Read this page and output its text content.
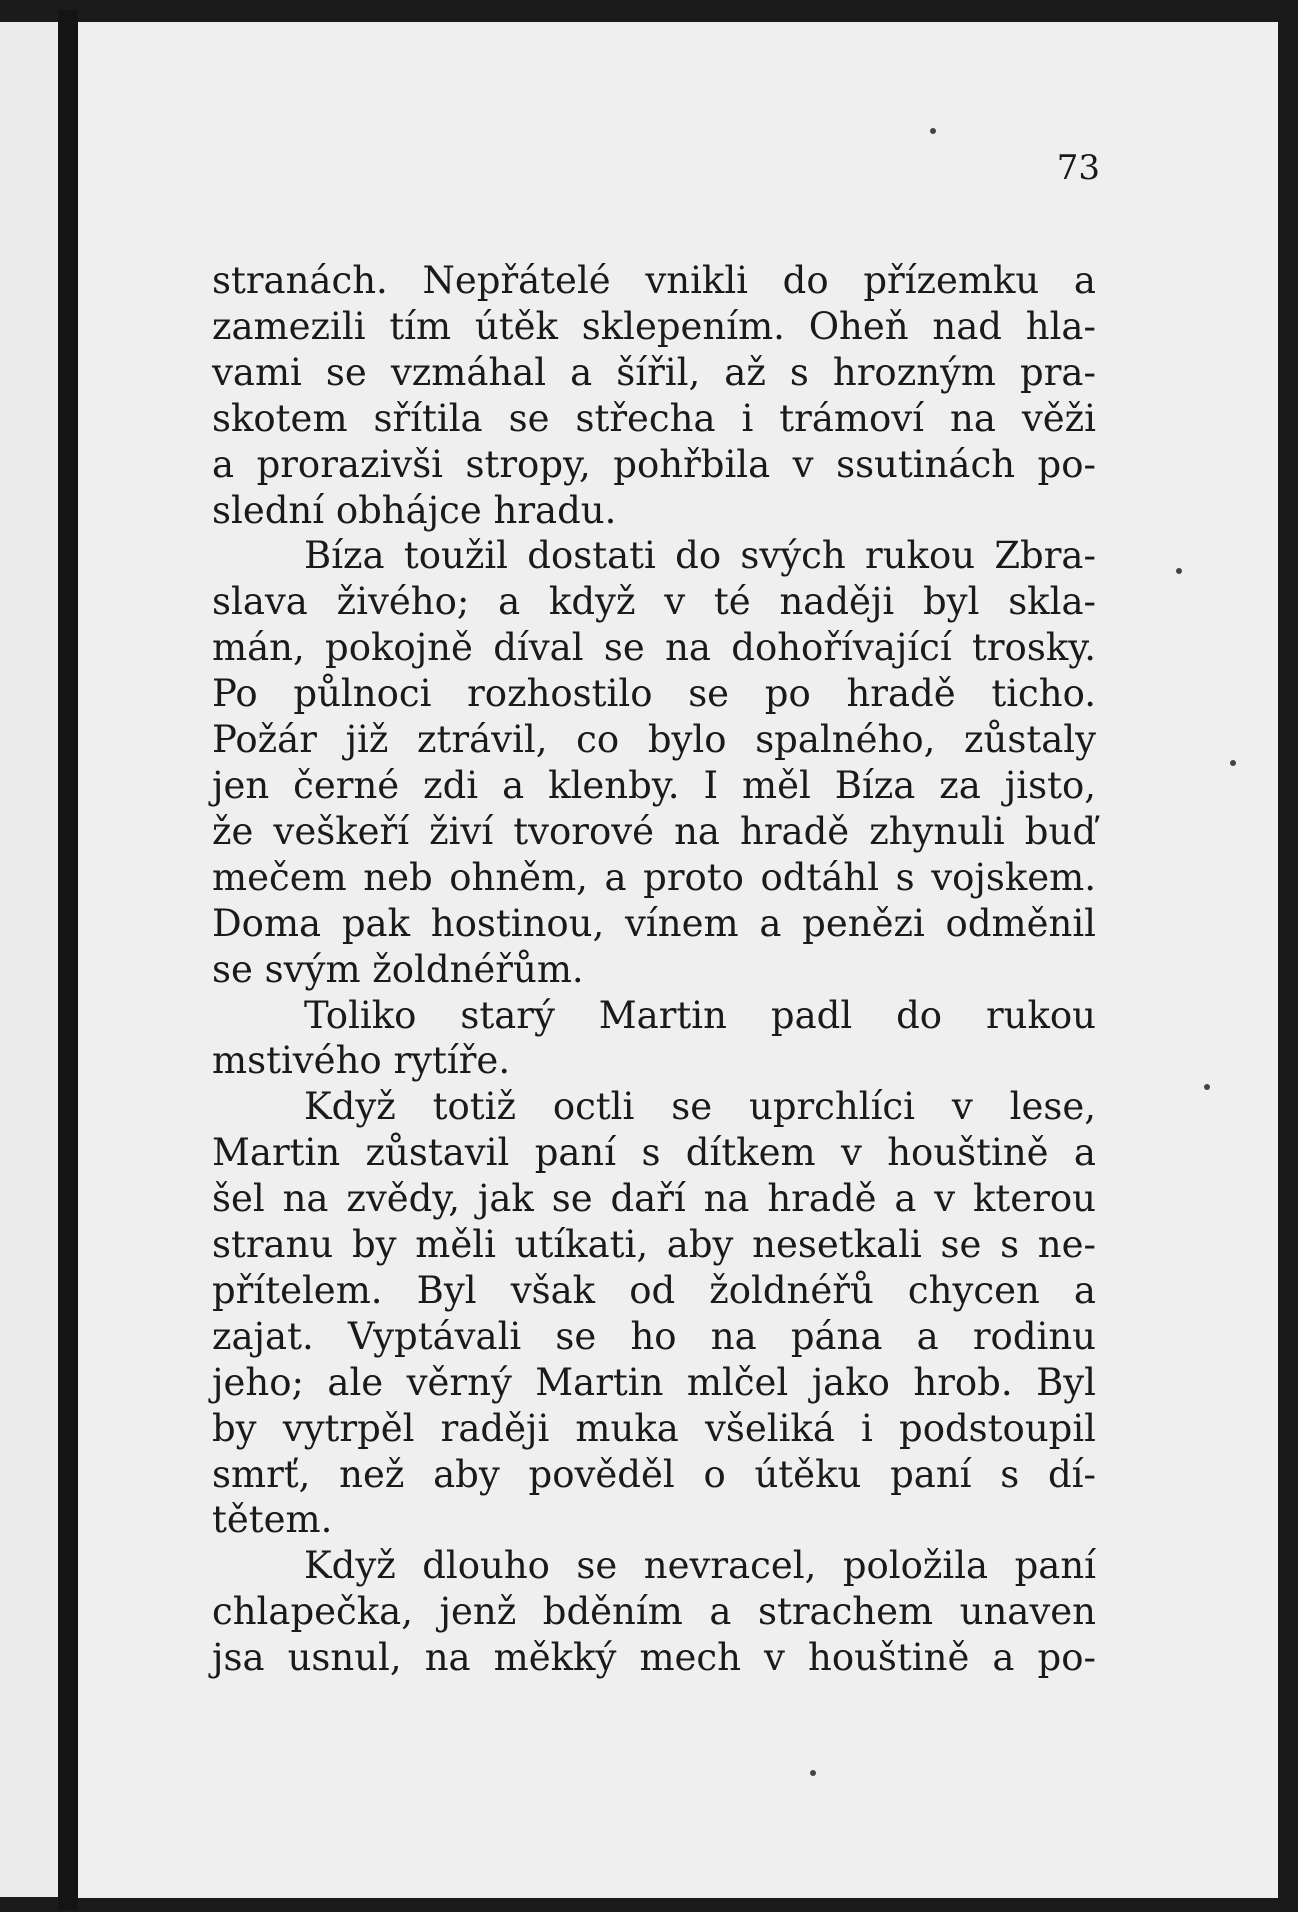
73
stranách. Nepřátelé vnikli do přízemku a
zamezili tím útěk sklepením. Oheň nad hla-
vami se vzmáhal a šířil, až s hrozným pra-
skotem sřítila se střecha i trámoví na věži
a prorazivši stropy, pohřbila v ssutinách po-
slední obhájce hradu.
Bíza toužil dostati do svých rukou Zbra-
slava živého; a když v té naději byl skla-
mán, pokojně díval se na dohořívající trosky.
Po půlnoci rozhostilo se po hradě ticho.
Požár již ztrávil, co bylo spalného, zůstaly
jen černé zdi a klenby. I měl Bíza za jisto,
že veškeří živí tvorové na hradě zhynuli buď
mečem neb ohněm, a proto odtáhl s vojskem.
Doma pak hostinou, vínem a penězi odměnil
se svým žoldnéřům.
Toliko starý Martin padl do rukou
mstivého rytíře.
Když totiž octli se uprchlíci v lese,
Martin zůstavil paní s dítkem v houštině a
šel na zvědy, jak se daří na hradě a v kterou
stranu by měli utíkati, aby nesetkali se s ne-
přítelem. Byl však od žoldnéřů chycen a
zajat. Vyptávali se ho na pána a rodinu
jeho; ale věrný Martin mlčel jako hrob. Byl
by vytrpěl raději muka všeliká i podstoupil
smrť, než aby pověděl o útěku paní s dí-
tětem.
Když dlouho se nevracel, položila paní
chlapečka, jenž bděním a strachem unaven
jsa usnul, na měkký mech v houštině a po-
